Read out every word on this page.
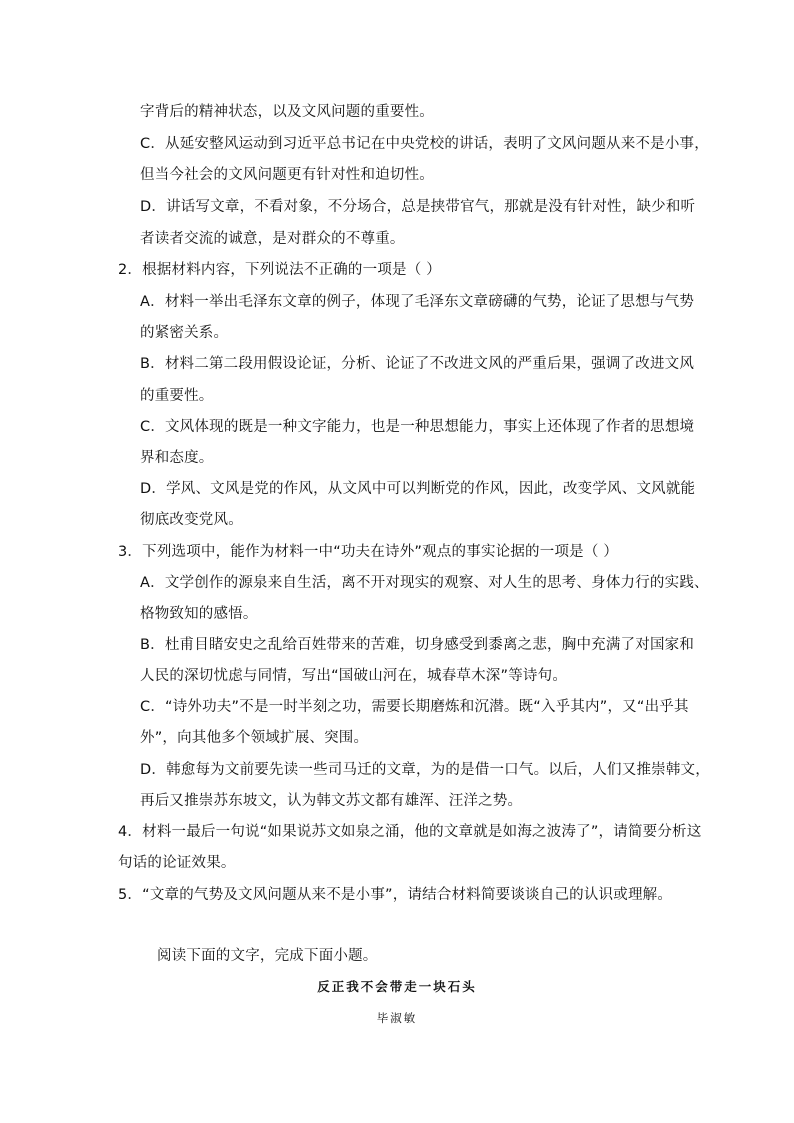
字背后的精神状态，以及文风问题的重要性。
C．从延安整风运动到习近平总书记在中央党校的讲话，表明了文风问题从来不是小事，
但当今社会的文风问题更有针对性和迫切性。
D．讲话写文章，不看对象，不分场合，总是挟带官气，那就是没有针对性，缺少和听
者读者交流的诚意，是对群众的不尊重。
2．根据材料内容，下列说法不正确的一项是（ ）
A．材料一举出毛泽东文章的例子，体现了毛泽东文章磅礴的气势，论证了思想与气势
的紧密关系。
B．材料二第二段用假设论证，分析、论证了不改进文风的严重后果，强调了改进文风
的重要性。
C．文风体现的既是一种文字能力，也是一种思想能力，事实上还体现了作者的思想境
界和态度。
D．学风、文风是党的作风，从文风中可以判断党的作风，因此，改变学风、文风就能
彻底改变党风。
3．下列选项中，能作为材料一中“功夫在诗外”观点的事实论据的一项是（ ）
A．文学创作的源泉来自生活，离不开对现实的观察、对人生的思考、身体力行的实践、
格物致知的感悟。
B．杜甫目睹安史之乱给百姓带来的苦难，切身感受到黍离之悲，胸中充满了对国家和
人民的深切忧虑与同情，写出“国破山河在，城春草木深”等诗句。
C．“诗外功夫”不是一时半刻之功，需要长期磨炼和沉潜。既“入乎其内”，又“出乎其
外”，向其他多个领域扩展、突围。
D．韩愈每为文前要先读一些司马迁的文章，为的是借一口气。以后，人们又推崇韩文，
再后又推崇苏东坡文，认为韩文苏文都有雄浑、汪洋之势。
4．材料一最后一句说“如果说苏文如泉之涌，他的文章就是如海之波涛了”，请简要分析这
句话的论证效果。
5．“文章的气势及文风问题从来不是小事”，请结合材料简要谈谈自己的认识或理解。
阅读下面的文字，完成下面小题。
反正我不会带走一块石头
毕淑敏
